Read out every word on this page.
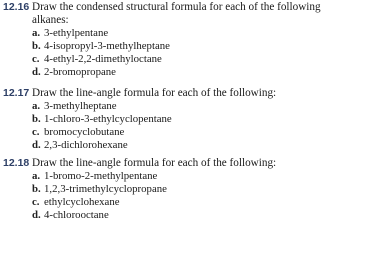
12.16 Draw the condensed structural formula for each of the following
alkanes:
a. 3-ethylpentane
b. 4-isopropyl-3-methylheptane
c. 4-ethyl-2,2-dimethyloctane
d. 2-bromopropane
12.17 Draw the line-angle formula for each of the following:
a. 3-methylheptane
b. 1-chloro-3-ethylcyclopentane
c. bromocyclobutane
d. 2,3-dichlorohexane
12.18 Draw the line-angle formula for each of the following:
a. 1-bromo-2-methylpentane
b. 1,2,3-trimethylcyclopropane
c. ethylcyclohexane
d. 4-chlorooctane
